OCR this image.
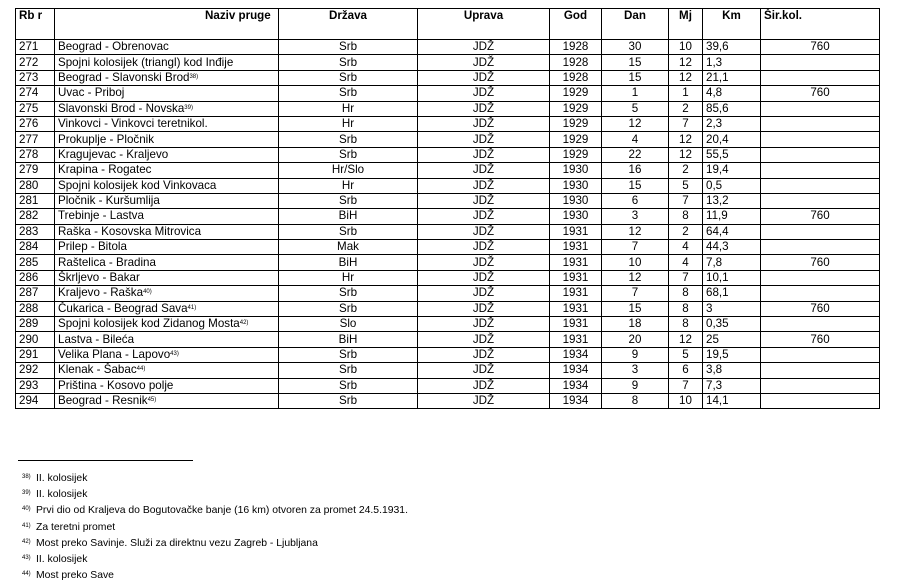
Rb r	Naziv pruge	Država	Uprava	God	Dan	Mj	Km	Šir.kol.
271	Beograd - Obrenovac	Srb	JDŽ	1928	30	10	39,6	760
272	Spojni kolosijek (triangl) kod Inđije	Srb	JDŽ	1928	15	12	1,3	
273	Beograd - Slavonski Brod$^{38)}$	Srb	JDŽ	1928	15	12	21,1	
274	Uvac - Priboj	Srb	JDŽ	1929	1	1	4,8	760
275	Slavonski Brod - Novska$^{39)}$	Hr	JDŽ	1929	5	2	85,6	
276	Vinkovci - Vinkovci teretnikol.	Hr	JDŽ	1929	12	7	2,3	
277	Prokuplje - Pločnik	Srb	JDŽ	1929	4	12	20,4	
278	Kragujevac - Kraljevo	Srb	JDŽ	1929	22	12	55,5	
279	Krapina - Rogatec	Hr/Slo	JDŽ	1930	16	2	19,4	
280	Spojni kolosijek kod Vinkovaca	Hr	JDŽ	1930	15	5	0,5	
281	Pločnik - Kuršumlija	Srb	JDŽ	1930	6	7	13,2	
282	Trebinje - Lastva	BiH	JDŽ	1930	3	8	11,9	760
283	Raška - Kosovska Mitrovica	Srb	JDŽ	1931	12	2	64,4	
284	Prilep - Bitola	Mak	JDŽ	1931	7	4	44,3	
285	Raštelica - Bradina	BiH	JDŽ	1931	10	4	7,8	760
286	Škrljevo - Bakar	Hr	JDŽ	1931	12	7	10,1	
287	Kraljevo - Raška$^{40)}$	Srb	JDŽ	1931	7	8	68,1	
288	Čukarica - Beograd Sava$^{41)}$	Srb	JDŽ	1931	15	8	3	760
289	Spojni kolosijek kod Zidanog Mosta$^{42)}$	Slo	JDŽ	1931	18	8	0,35	
290	Lastva - Bileća	BiH	JDŽ	1931	20	12	25	760
291	Velika Plana - Lapovo$^{43)}$	Srb	JDŽ	1934	9	5	19,5	
292	Klenak - Šabac$^{44)}$	Srb	JDŽ	1934	3	6	3,8	
293	Priština - Kosovo polje	Srb	JDŽ	1934	9	7	7,3	
294	Beograd - Resnik$^{45)}$	Srb	JDŽ	1934	8	10	14,1	
38) II. kolosijek
39) II. kolosijek
40) Prvi dio od Kraljeva do Bogutovačke banje (16 km) otvoren za promet 24.5.1931.
41) Za teretni promet
42) Most preko Savinje. Služi za direktnu vezu Zagreb - Ljubljana
43) II. kolosijek
44) Most preko Save
